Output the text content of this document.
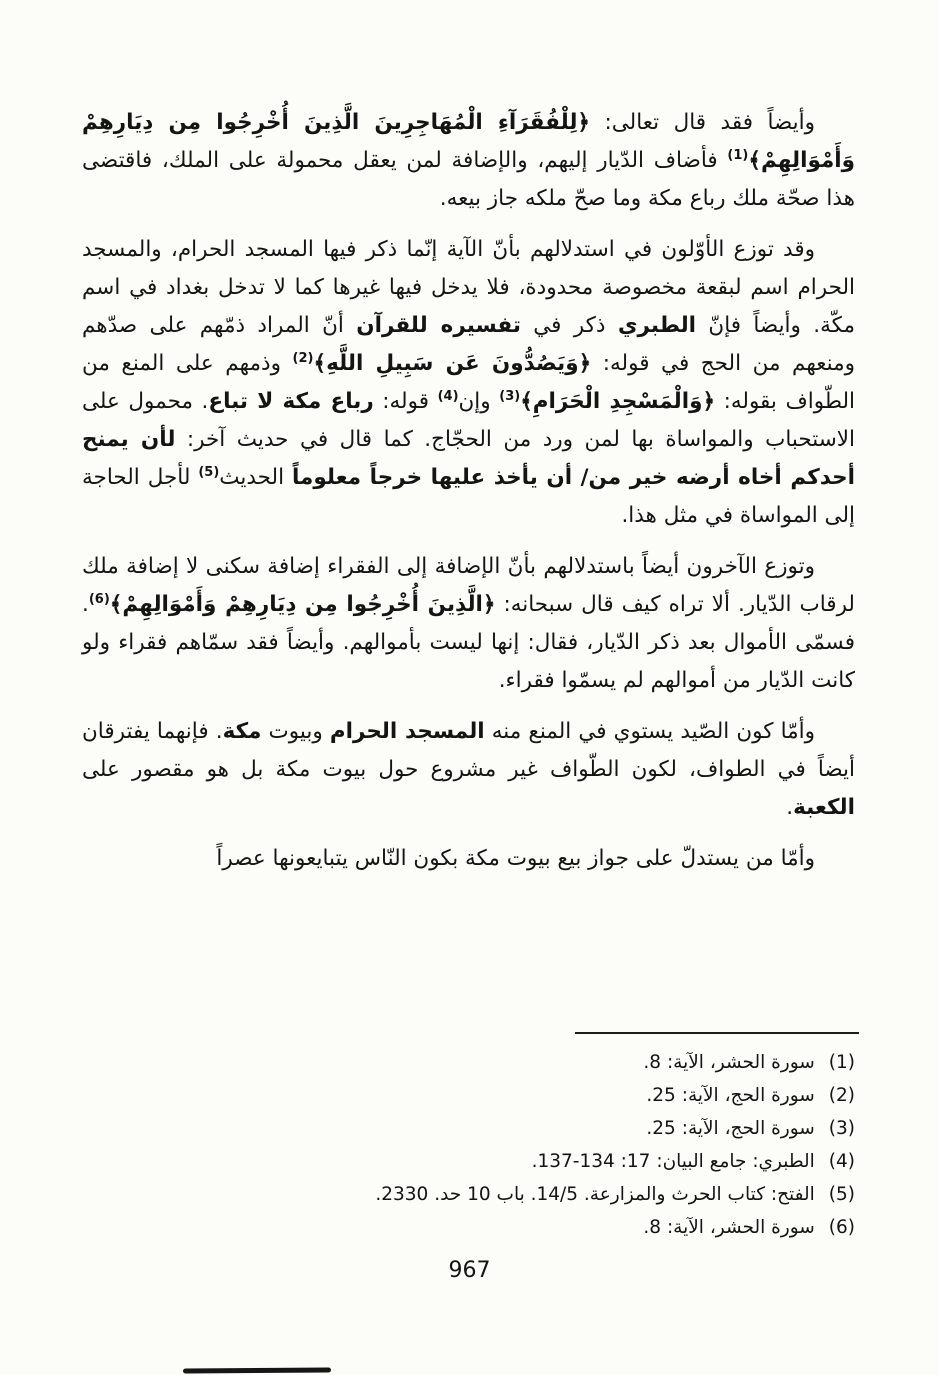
وأيضاً فقد قال تعالى: ﴿لِلْفُقَرَآءِ الْمُهَاجِرِينَ الَّذِينَ أُخْرِجُوا مِن دِيَارِهِمْ وَأَمْوَالِهِمْ﴾$^{(1)}$ فأضاف الدّيار إليهم، والإضافة لمن يعقل محمولة على الملك، فاقتضى هذا صحّة ملك رباع مكة وما صحّ ملكه جاز بيعه.

وقد توزع الأوّلون في استدلالهم بأنّ الآية إنّما ذكر فيها المسجد الحرام، والمسجد الحرام اسم لبقعة مخصوصة محدودة، فلا يدخل فيها غيرها كما لا تدخل بغداد في اسم مكّة. وأيضاً فإنّ الطبري ذكر في تفسيره للقرآن أنّ المراد ذمّهم على صدّهم ومنعهم من الحج في قوله: ﴿وَيَصُدُّونَ عَن سَبِيلِ اللَّهِ﴾$^{(2)}$ وذمهم على المنع من الطّواف بقوله: ﴿وَالْمَسْجِدِ الْحَرَامِ﴾$^{(3)}$ وإن$^{(4)}$ قوله: رباع مكة لا تباع. محمول على الاستحباب والمواساة بها لمن ورد من الحجّاج. كما قال في حديث آخر: لأن يمنح أحدكم أخاه أرضه خير من/ أن يأخذ عليها خرجاً معلوماً الحديث$^{(5)}$ لأجل الحاجة إلى المواساة في مثل هذا.

وتوزع الآخرون أيضاً باستدلالهم بأنّ الإضافة إلى الفقراء إضافة سكنى لا إضافة ملك لرقاب الدّيار. ألا تراه كيف قال سبحانه: ﴿الَّذِينَ أُخْرِجُوا مِن دِيَارِهِمْ وَأَمْوَالِهِمْ﴾$^{(6)}$. فسمّى الأموال بعد ذكر الدّيار، فقال: إنها ليست بأموالهم. وأيضاً فقد سمّاهم فقراء ولو كانت الدّيار من أموالهم لم يسمّوا فقراء.

وأمّا كون الصّيد يستوي في المنع منه المسجد الحرام وبيوت مكة. فإنهما يفترقان أيضاً في الطواف، لكون الطّواف غير مشروع حول بيوت مكة بل هو مقصور على الكعبة.

وأمّا من يستدلّ على جواز بيع بيوت مكة بكون النّاس يتبايعونها عصراً

(1)سورة الحشر، الآية: 8.
(2)سورة الحج، الآية: 25.
(3)سورة الحج، الآية: 25.
(4)الطبري: جامع البيان: 17: 134-137.
(5)الفتح: كتاب الحرث والمزارعة. 14/5. باب 10 حد. 2330.
(6)سورة الحشر، الآية: 8.
967
